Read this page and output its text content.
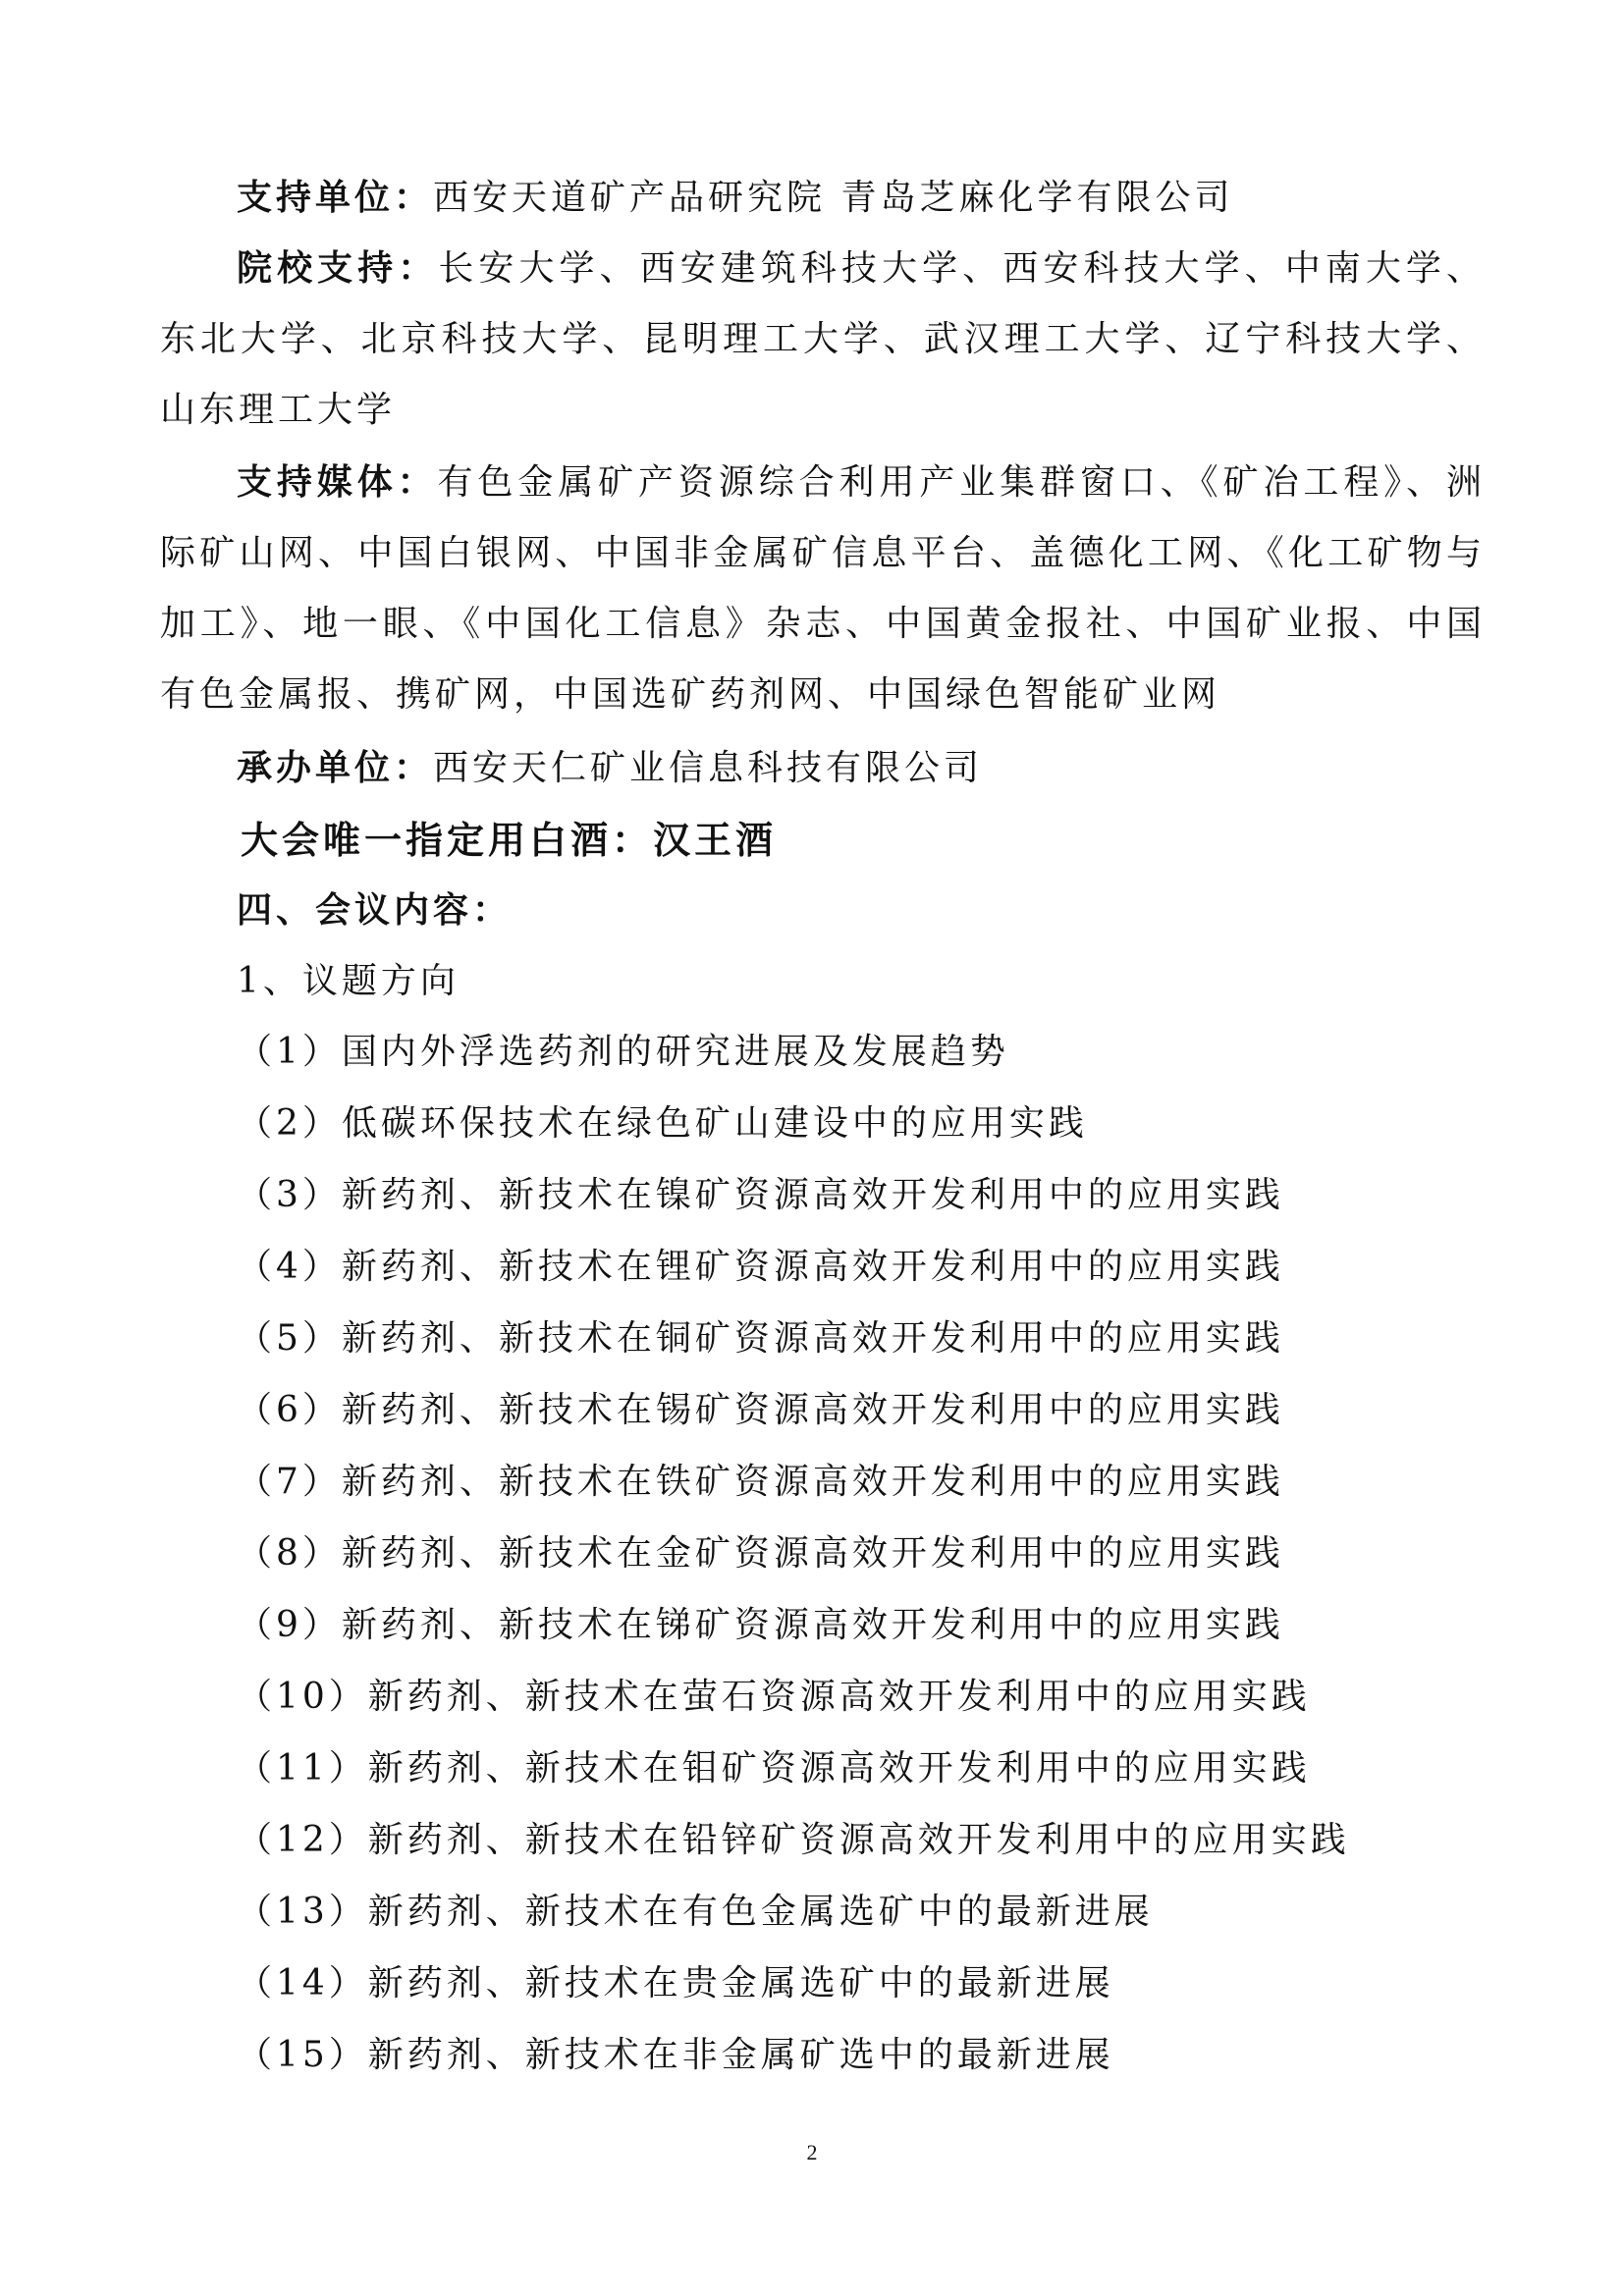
支持单位：西安天道矿产品研究院 青岛芝麻化学有限公司

院校支持：长安大学、西安建筑科技大学、西安科技大学、中南大学、东北大学、北京科技大学、昆明理工大学、武汉理工大学、辽宁科技大学、山东理工大学

支持媒体：有色金属矿产资源综合利用产业集群窗口、《矿冶工程》、洲际矿山网、中国白银网、中国非金属矿信息平台、盖德化工网、《化工矿物与加工》、地一眼、《中国化工信息》杂志、中国黄金报社、中国矿业报、中国有色金属报、携矿网，中国选矿药剂网、中国绿色智能矿业网

承办单位：西安天仁矿业信息科技有限公司

大会唯一指定用白酒：汉王酒

四、会议内容：

1、议题方向

（1）国内外浮选药剂的研究进展及发展趋势

（2）低碳环保技术在绿色矿山建设中的应用实践

（3）新药剂、新技术在镍矿资源高效开发利用中的应用实践

（4）新药剂、新技术在锂矿资源高效开发利用中的应用实践

（5）新药剂、新技术在铜矿资源高效开发利用中的应用实践

（6）新药剂、新技术在锡矿资源高效开发利用中的应用实践

（7）新药剂、新技术在铁矿资源高效开发利用中的应用实践

（8）新药剂、新技术在金矿资源高效开发利用中的应用实践

（9）新药剂、新技术在锑矿资源高效开发利用中的应用实践

（10）新药剂、新技术在萤石资源高效开发利用中的应用实践

（11）新药剂、新技术在钼矿资源高效开发利用中的应用实践

（12）新药剂、新技术在铅锌矿资源高效开发利用中的应用实践

（13）新药剂、新技术在有色金属选矿中的最新进展

（14）新药剂、新技术在贵金属选矿中的最新进展

（15）新药剂、新技术在非金属矿选中的最新进展

2
